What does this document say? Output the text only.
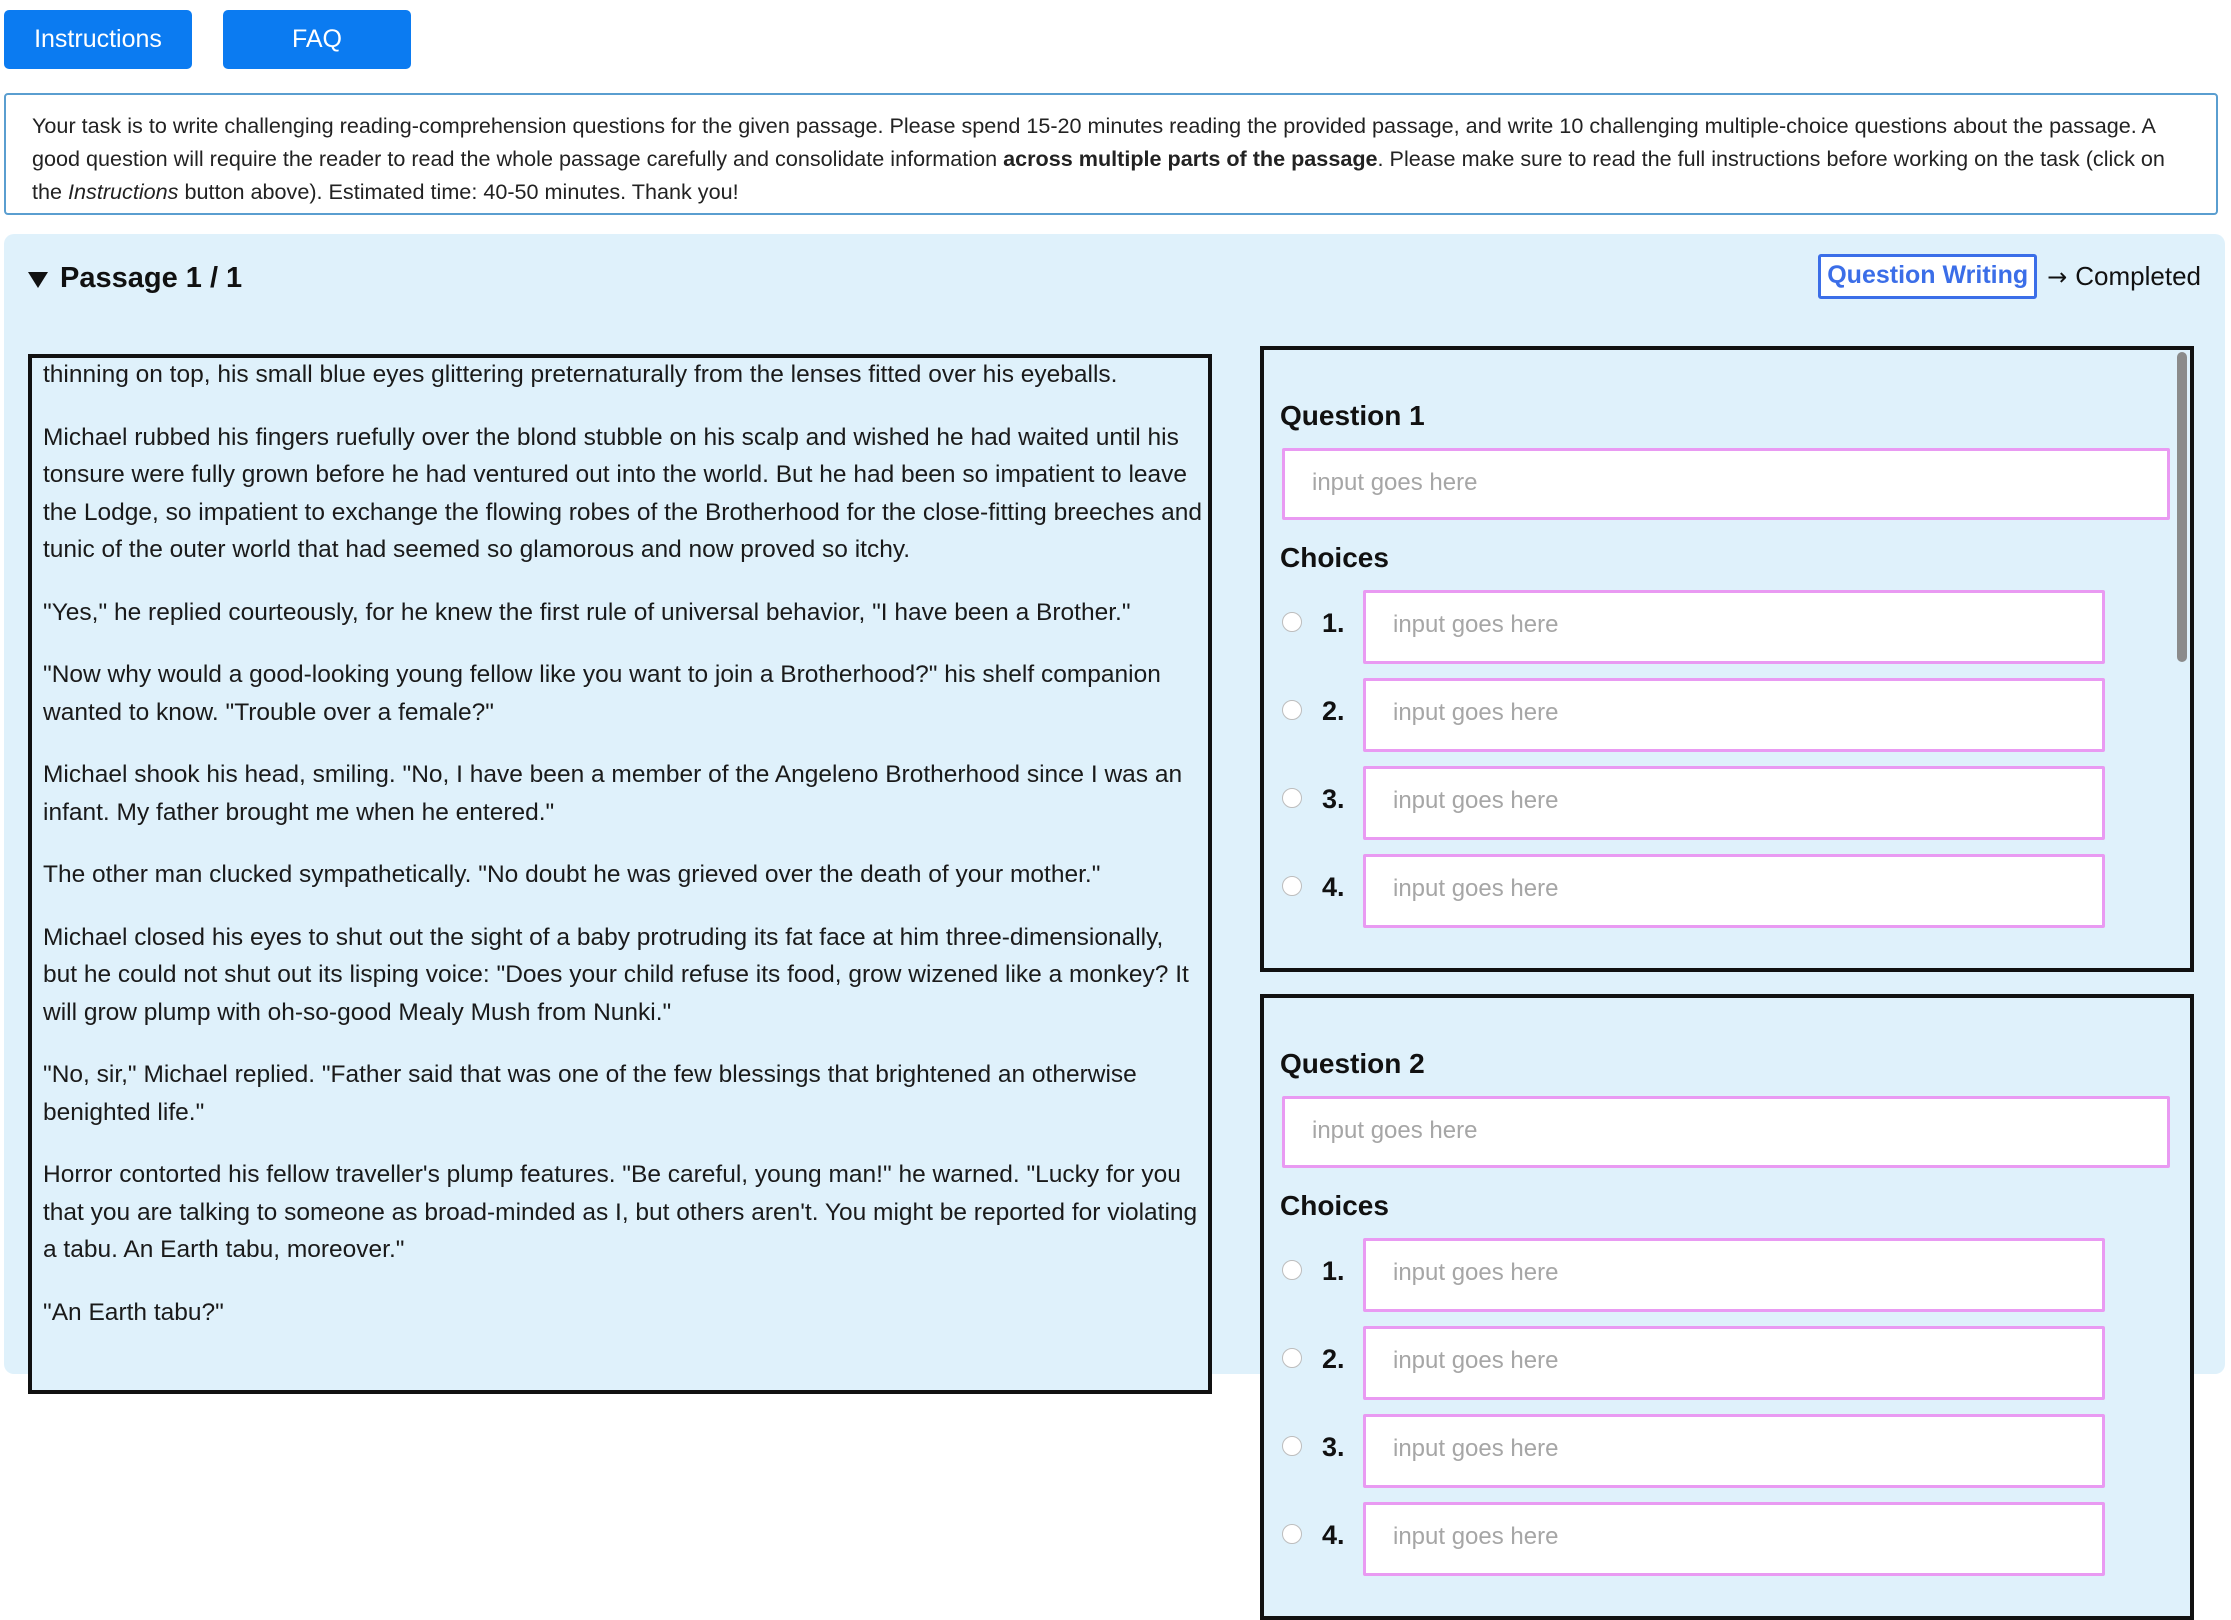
Instructions	FAQ
Your task is to write challenging reading-comprehension questions for the given passage. Please spend 15-20 minutes reading the provided passage, and write 10 challenging multiple-choice questions about the passage. A good question will require the reader to read the whole passage carefully and consolidate information across multiple parts of the passage. Please make sure to read the full instructions before working on the task (click on the Instructions button above). Estimated time: 40-50 minutes. Thank you!
Passage 1 / 1	Question Writing → Completed

thinning on top, his small blue eyes glittering preternaturally from the lenses fitted over his eyeballs.

Michael rubbed his fingers ruefully over the blond stubble on his scalp and wished he had waited until his tonsure were fully grown before he had ventured out into the world. But he had been so impatient to leave the Lodge, so impatient to exchange the flowing robes of the Brotherhood for the close-fitting breeches and tunic of the outer world that had seemed so glamorous and now proved so itchy.

"Yes," he replied courteously, for he knew the first rule of universal behavior, "I have been a Brother."

"Now why would a good-looking young fellow like you want to join a Brotherhood?" his shelf companion wanted to know. "Trouble over a female?"

Michael shook his head, smiling. "No, I have been a member of the Angeleno Brotherhood since I was an infant. My father brought me when he entered."

The other man clucked sympathetically. "No doubt he was grieved over the death of your mother."

Michael closed his eyes to shut out the sight of a baby protruding its fat face at him three-dimensionally, but he could not shut out its lisping voice: "Does your child refuse its food, grow wizened like a monkey? It will grow plump with oh-so-good Mealy Mush from Nunki."

"No, sir," Michael replied. "Father said that was one of the few blessings that brightened an otherwise benighted life."

Horror contorted his fellow traveller's plump features. "Be careful, young man!" he warned. "Lucky for you that you are talking to someone as broad-minded as I, but others aren't. You might be reported for violating a tabu. An Earth tabu, moreover."

"An Earth tabu?"

Question 1
input goes here
Choices
1.
input goes here
2.
input goes here
3.
input goes here
4.
input goes here
Question 2
input goes here
Choices
1.
input goes here
2.
input goes here
3.
input goes here
4.
input goes here
